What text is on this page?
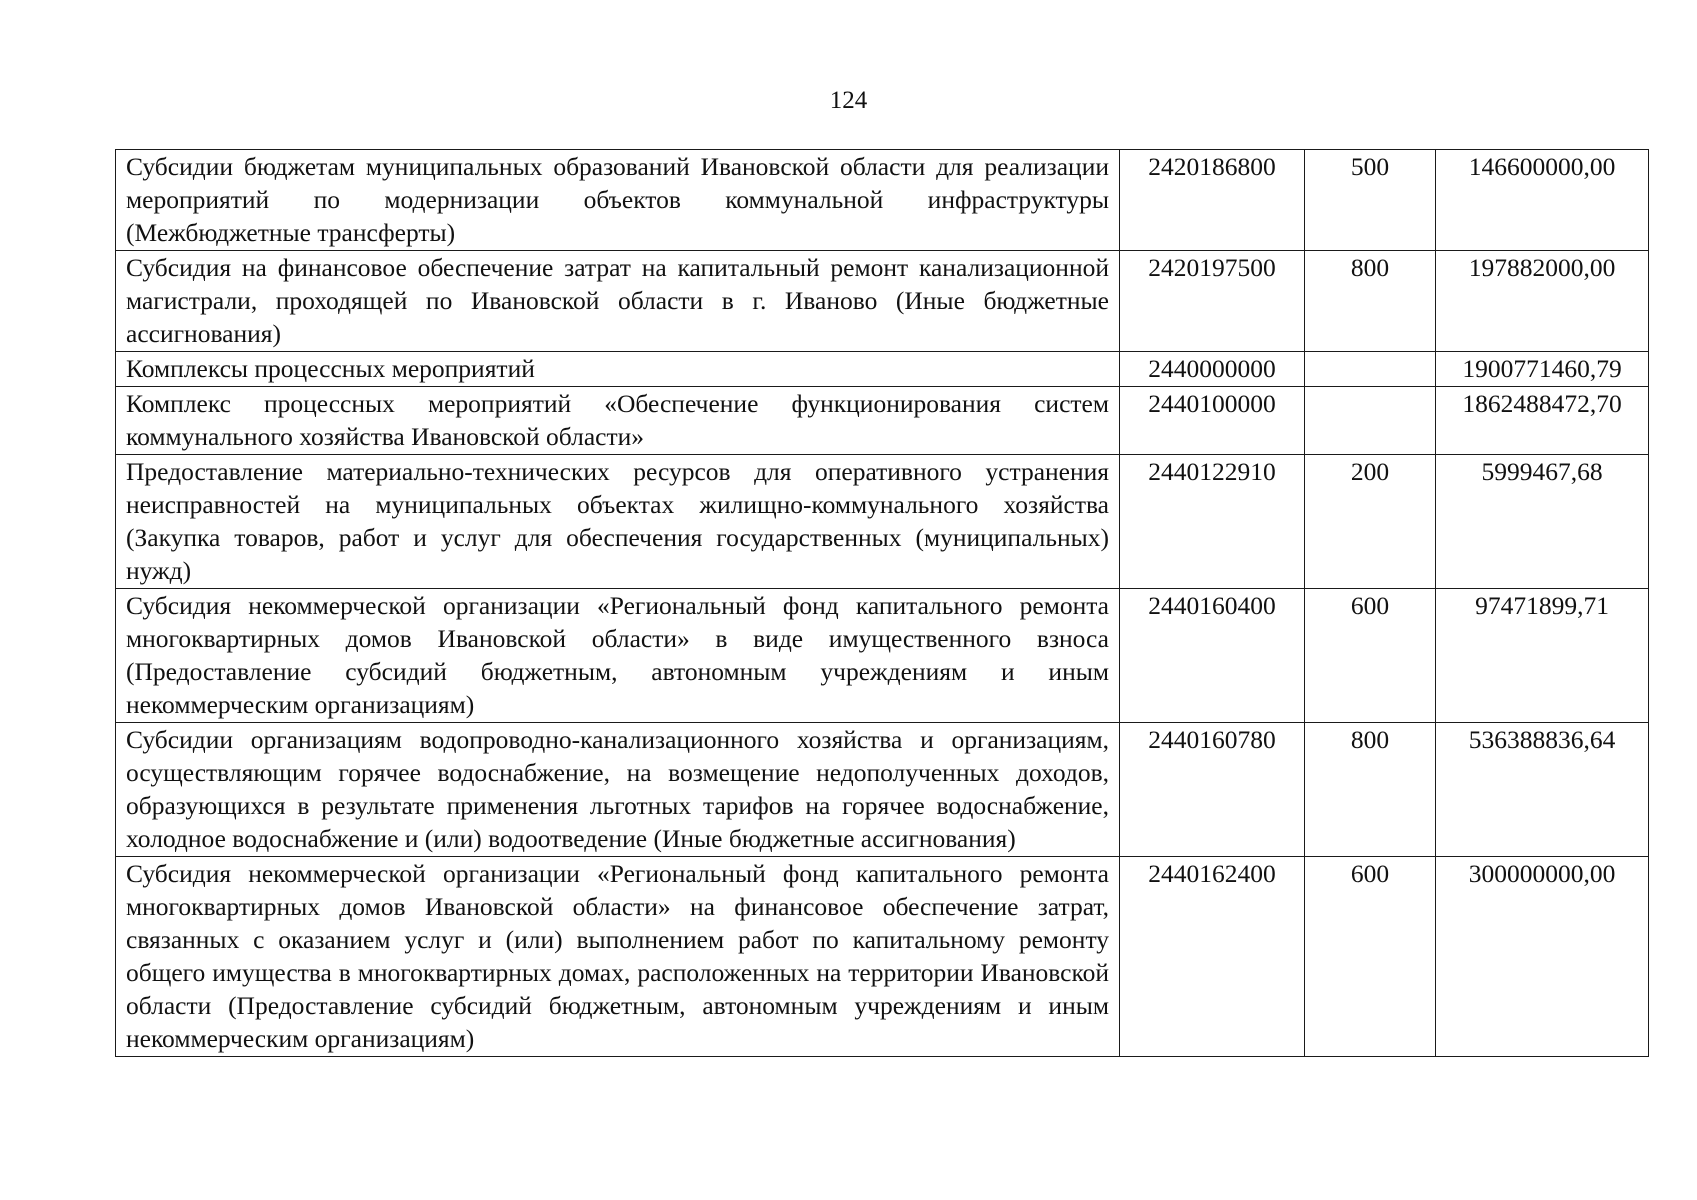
124
Субсидии бюджетам муниципальных образований Ивановской области для реализации мероприятий по модернизации объектов коммунальной инфраструктуры (Межбюджетные трансферты)	2420186800	500	146600000,00
Субсидия на финансовое обеспечение затрат на капитальный ремонт канализационной магистрали, проходящей по Ивановской области в г. Иваново (Иные бюджетные ассигнования)	2420197500	800	197882000,00
Комплексы процессных мероприятий	2440000000		1900771460,79
Комплекс процессных мероприятий «Обеспечение функционирования систем коммунального хозяйства Ивановской области»	2440100000		1862488472,70
Предоставление материально-технических ресурсов для оперативного устранения неисправностей на муниципальных объектах жилищно-коммунального хозяйства (Закупка товаров, работ и услуг для обеспечения государственных (муниципальных) нужд)	2440122910	200	5999467,68
Субсидия некоммерческой организации «Региональный фонд капитального ремонта многоквартирных домов Ивановской области» в виде имущественного взноса (Предоставление субсидий бюджетным, автономным учреждениям и иным некоммерческим организациям)	2440160400	600	97471899,71
Субсидии организациям водопроводно-канализационного хозяйства и организациям, осуществляющим горячее водоснабжение, на возмещение недополученных доходов, образующихся в результате применения льготных тарифов на горячее водоснабжение, холодное водоснабжение и (или) водоотведение (Иные бюджетные ассигнования)	2440160780	800	536388836,64
Субсидия некоммерческой организации «Региональный фонд капитального ремонта многоквартирных домов Ивановской области» на финансовое обеспечение затрат, связанных с оказанием услуг и (или) выполнением работ по капитальному ремонту общего имущества в многоквартирных домах, расположенных на территории Ивановской области (Предоставление субсидий бюджетным, автономным учреждениям и иным некоммерческим организациям)	2440162400	600	300000000,00
